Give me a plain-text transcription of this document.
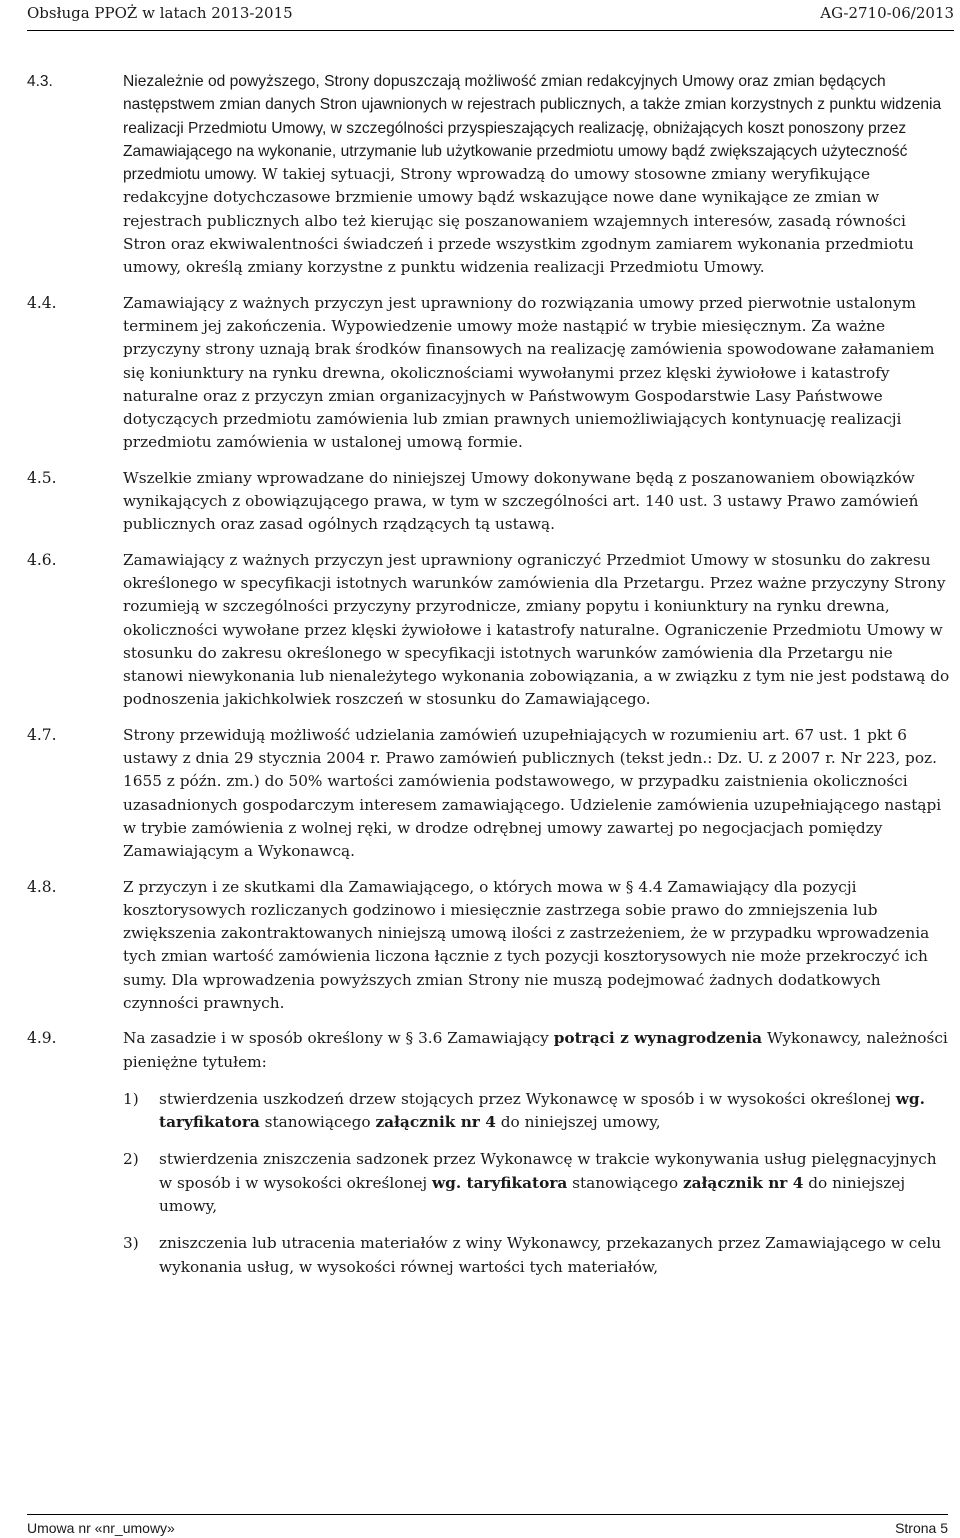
Obsługa PPOŻ w latach 2013-2015	AG-2710-06/2013
4.3.	Niezależnie od powyższego, Strony dopuszczają możliwość zmian redakcyjnych Umowy oraz zmian będących następstwem zmian danych Stron ujawnionych w rejestrach publicznych, a także zmian korzystnych z punktu widzenia realizacji Przedmiotu Umowy, w szczególności przyspieszających realizację, obniżających koszt ponoszony przez Zamawiającego na wykonanie, utrzymanie lub użytkowanie przedmiotu umowy bądź zwiększających użyteczność przedmiotu umowy. W takiej sytuacji, Strony wprowadzą do umowy stosowne zmiany weryfikujące redakcyjne dotychczasowe brzmienie umowy bądź wskazujące nowe dane wynikające ze zmian w rejestrach publicznych albo też kierując się poszanowaniem wzajemnych interesów, zasadą równości Stron oraz ekwiwalentności świadczeń i przede wszystkim zgodnym zamiarem wykonania przedmiotu umowy, określą zmiany korzystne z punktu widzenia realizacji Przedmiotu Umowy.

4.4.	Zamawiający z ważnych przyczyn jest uprawniony do rozwiązania umowy przed pierwotnie ustalonym terminem jej zakończenia. Wypowiedzenie umowy może nastąpić w trybie miesięcznym. Za ważne przyczyny strony uznają brak środków finansowych na realizację zamówienia spowodowane załamaniem się koniunktury na rynku drewna, okolicznościami wywołanymi przez klęski żywiołowe i katastrofy naturalne oraz z przyczyn zmian organizacyjnych w Państwowym Gospodarstwie Lasy Państwowe dotyczących przedmiotu zamówienia lub zmian prawnych uniemożliwiających kontynuację realizacji przedmiotu zamówienia w ustalonej umową formie.

4.5.	Wszelkie zmiany wprowadzane do niniejszej Umowy dokonywane będą z poszanowaniem obowiązków wynikających z obowiązującego prawa, w tym w szczególności art. 140 ust. 3 ustawy Prawo zamówień publicznych oraz zasad ogólnych rządzących tą ustawą.

4.6.	Zamawiający z ważnych przyczyn jest uprawniony ograniczyć Przedmiot Umowy w stosunku do zakresu określonego w specyfikacji istotnych warunków zamówienia dla Przetargu. Przez ważne przyczyny Strony rozumieją w szczególności przyczyny przyrodnicze, zmiany popytu i koniunktury na rynku drewna, okoliczności wywołane przez klęski żywiołowe i katastrofy naturalne. Ograniczenie Przedmiotu Umowy w stosunku do zakresu określonego w specyfikacji istotnych warunków zamówienia dla Przetargu nie stanowi niewykonania lub nienależytego wykonania zobowiązania, a w związku z tym nie jest podstawą do podnoszenia jakichkolwiek roszczeń w stosunku do Zamawiającego.

4.7.	Strony przewidują możliwość udzielania zamówień uzupełniających w rozumieniu art. 67 ust. 1 pkt 6 ustawy z dnia 29 stycznia 2004 r. Prawo zamówień publicznych (tekst jedn.: Dz. U. z 2007 r. Nr 223, poz. 1655 z późn. zm.) do 50% wartości zamówienia podstawowego, w przypadku zaistnienia okoliczności uzasadnionych gospodarczym interesem zamawiającego. Udzielenie zamówienia uzupełniającego nastąpi w trybie zamówienia z wolnej ręki, w drodze odrębnej umowy zawartej po negocjacjach pomiędzy Zamawiającym a Wykonawcą.

4.8.	Z przyczyn i ze skutkami dla Zamawiającego, o których mowa w § 4.4 Zamawiający dla pozycji kosztorysowych rozliczanych godzinowo i miesięcznie zastrzega sobie prawo do zmniejszenia lub zwiększenia zakontraktowanych niniejszą umową ilości z zastrzeżeniem, że w przypadku wprowadzenia tych zmian wartość zamówienia liczona łącznie z tych pozycji kosztorysowych nie może przekroczyć ich sumy. Dla wprowadzenia powyższych zmian Strony nie muszą podejmować żadnych dodatkowych czynności prawnych.

4.9.	Na zasadzie i w sposób określony w § 3.6 Zamawiający potrąci z wynagrodzenia Wykonawcy, należności pieniężne tytułem:

1) stwierdzenia uszkodzeń drzew stojących przez Wykonawcę w sposób i w wysokości określonej wg. taryfikatora stanowiącego załącznik nr 4 do niniejszej umowy,

2) stwierdzenia zniszczenia sadzonek przez Wykonawcę w trakcie wykonywania usług pielęgnacyjnych w sposób i w wysokości określonej wg. taryfikatora stanowiącego załącznik nr 4 do niniejszej umowy,

3) zniszczenia lub utracenia materiałów z winy Wykonawcy, przekazanych przez Zamawiającego w celu wykonania usług, w wysokości równej wartości tych materiałów,

Umowa nr «nr_umowy»	Strona 5
